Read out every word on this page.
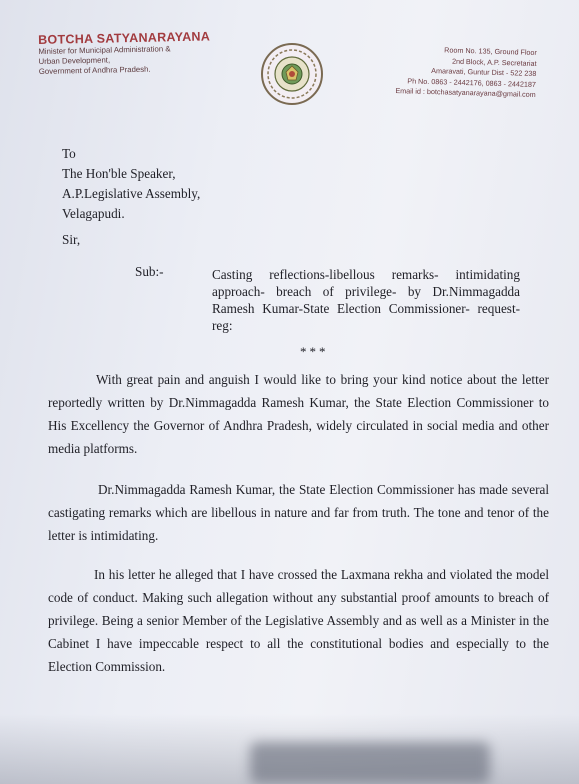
BOTCHA SATYANARAYANA
Minister for Municipal Administration &
Urban Development,
Government of Andhra Pradesh.
Room No. 135, Ground Floor
2nd Block, A.P. Secretariat
Amaravati, Guntur Dist - 522 238
Ph No. 0863 - 2442176, 0863 - 2442187
Email id : botchasatyanarayana@gmail.com
To
The Hon'ble Speaker,
A.P.Legislative Assembly,
Velagapudi.
Sir,
Sub:-	Casting reflections-libellous remarks- intimidating approach- breach of privilege- by Dr.Nimmagadda Ramesh Kumar-State Election Commissioner- request- reg:
***
With great pain and anguish I would like to bring your kind notice about the letter reportedly written by Dr.Nimmagadda Ramesh Kumar, the State Election Commissioner to His Excellency the Governor of Andhra Pradesh, widely circulated in social media and other media platforms.
Dr.Nimmagadda Ramesh Kumar, the State Election Commissioner has made several castigating remarks which are libellous in nature and far from truth. The tone and tenor of the letter is intimidating.
In his letter he alleged that I have crossed the Laxmana rekha and violated the model code of conduct. Making such allegation without any substantial proof amounts to breach of privilege. Being a senior Member of the Legislative Assembly and as well as a Minister in the Cabinet I have impeccable respect to all the constitutional bodies and especially to the Election Commission.
